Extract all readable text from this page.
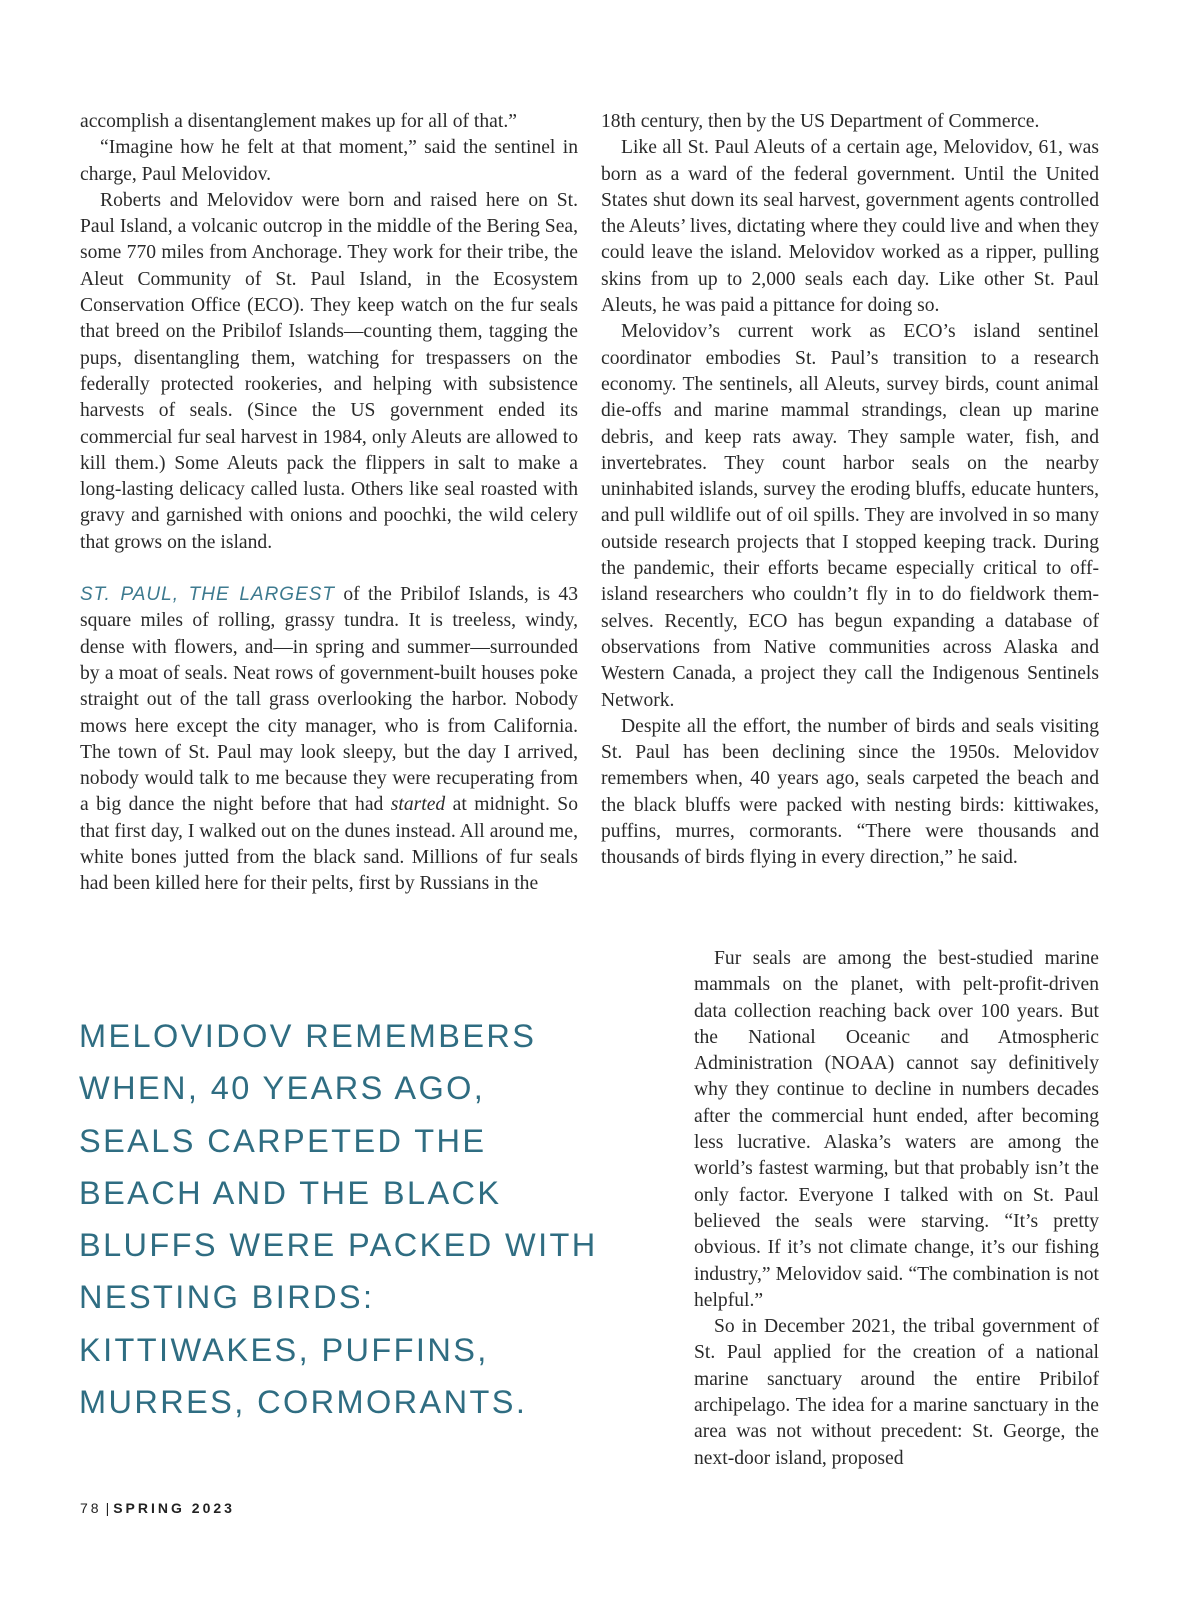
accomplish a disentanglement makes up for all of that.”

“Imagine how he felt at that moment,” said the sentinel in charge, Paul Melovidov.

Roberts and Melovidov were born and raised here on St. Paul Island, a volcanic outcrop in the middle of the Bering Sea, some 770 miles from Anchorage. They work for their tribe, the Aleut Community of St. Paul Island, in the Ecosystem Conservation Office (ECO). They keep watch on the fur seals that breed on the Pribilof Islands—counting them, tagging the pups, disentangling them, watching for trespassers on the federally protected rookeries, and helping with subsistence harvests of seals. (Since the US government ended its commercial fur seal harvest in 1984, only Aleuts are allowed to kill them.) Some Aleuts pack the flippers in salt to make a long-lasting delicacy called lusta. Others like seal roasted with gravy and garnished with onions and poochki, the wild celery that grows on the island.

ST. PAUL, THE LARGEST of the Pribilof Islands, is 43 square miles of rolling, grassy tundra. It is treeless, windy, dense with flowers, and—in spring and summer—surrounded by a moat of seals. Neat rows of government-built houses poke straight out of the tall grass overlooking the harbor. Nobody mows here except the city manager, who is from California. The town of St. Paul may look sleepy, but the day I arrived, nobody would talk to me because they were recuperating from a big dance the night before that had started at midnight. So that first day, I walked out on the dunes instead. All around me, white bones jutted from the black sand. Millions of fur seals had been killed here for their pelts, first by Russians in the

18th century, then by the US Department of Commerce.

Like all St. Paul Aleuts of a certain age, Melovidov, 61, was born as a ward of the federal government. Until the United States shut down its seal harvest, government agents controlled the Aleuts’ lives, dictating where they could live and when they could leave the island. Melovidov worked as a ripper, pulling skins from up to 2,000 seals each day. Like other St. Paul Aleuts, he was paid a pittance for doing so.

Melovidov’s current work as ECO’s island sentinel coordinator embodies St. Paul’s transition to a research economy. The sentinels, all Aleuts, survey birds, count animal die-offs and marine mammal strandings, clean up marine debris, and keep rats away. They sample water, fish, and invertebrates. They count harbor seals on the nearby uninhabited islands, survey the eroding bluffs, educate hunters, and pull wildlife out of oil spills. They are involved in so many outside research projects that I stopped keeping track. During the pandemic, their efforts became especially critical to off-island researchers who couldn’t fly in to do fieldwork themselves. Recently, ECO has begun expanding a database of observations from Native communities across Alaska and Western Canada, a project they call the Indigenous Sentinels Network.

Despite all the effort, the number of birds and seals visiting St. Paul has been declining since the 1950s. Melovidov remembers when, 40 years ago, seals carpeted the beach and the black bluffs were packed with nesting birds: kittiwakes, puffins, murres, cormorants. “There were thousands and thousands of birds flying in every direction,” he said.

Fur seals are among the best-studied marine mammals on the planet, with pelt-profit-driven data collection reaching back over 100 years. But the National Oceanic and Atmospheric Administration (NOAA) cannot say definitively why they continue to decline in numbers decades after the commercial hunt ended, after becoming less lucrative. Alaska’s waters are among the world’s fastest warming, but that probably isn’t the only factor. Everyone I talked with on St. Paul believed the seals were starving. “It’s pretty obvious. If it’s not climate change, it’s our fishing industry,” Melovidov said. “The combination is not helpful.”

So in December 2021, the tribal government of St. Paul applied for the creation of a national marine sanctuary around the entire Pribilof archipelago. The idea for a marine sanctuary in the area was not without precedent: St. George, the next-door island, proposed

MELOVIDOV REMEMBERS WHEN, 40 YEARS AGO, SEALS CARPETED THE BEACH AND THE BLACK BLUFFS WERE PACKED WITH NESTING BIRDS: KITTIWAKES, PUFFINS, MURRES, CORMORANTS.

78 | SPRING 2023
